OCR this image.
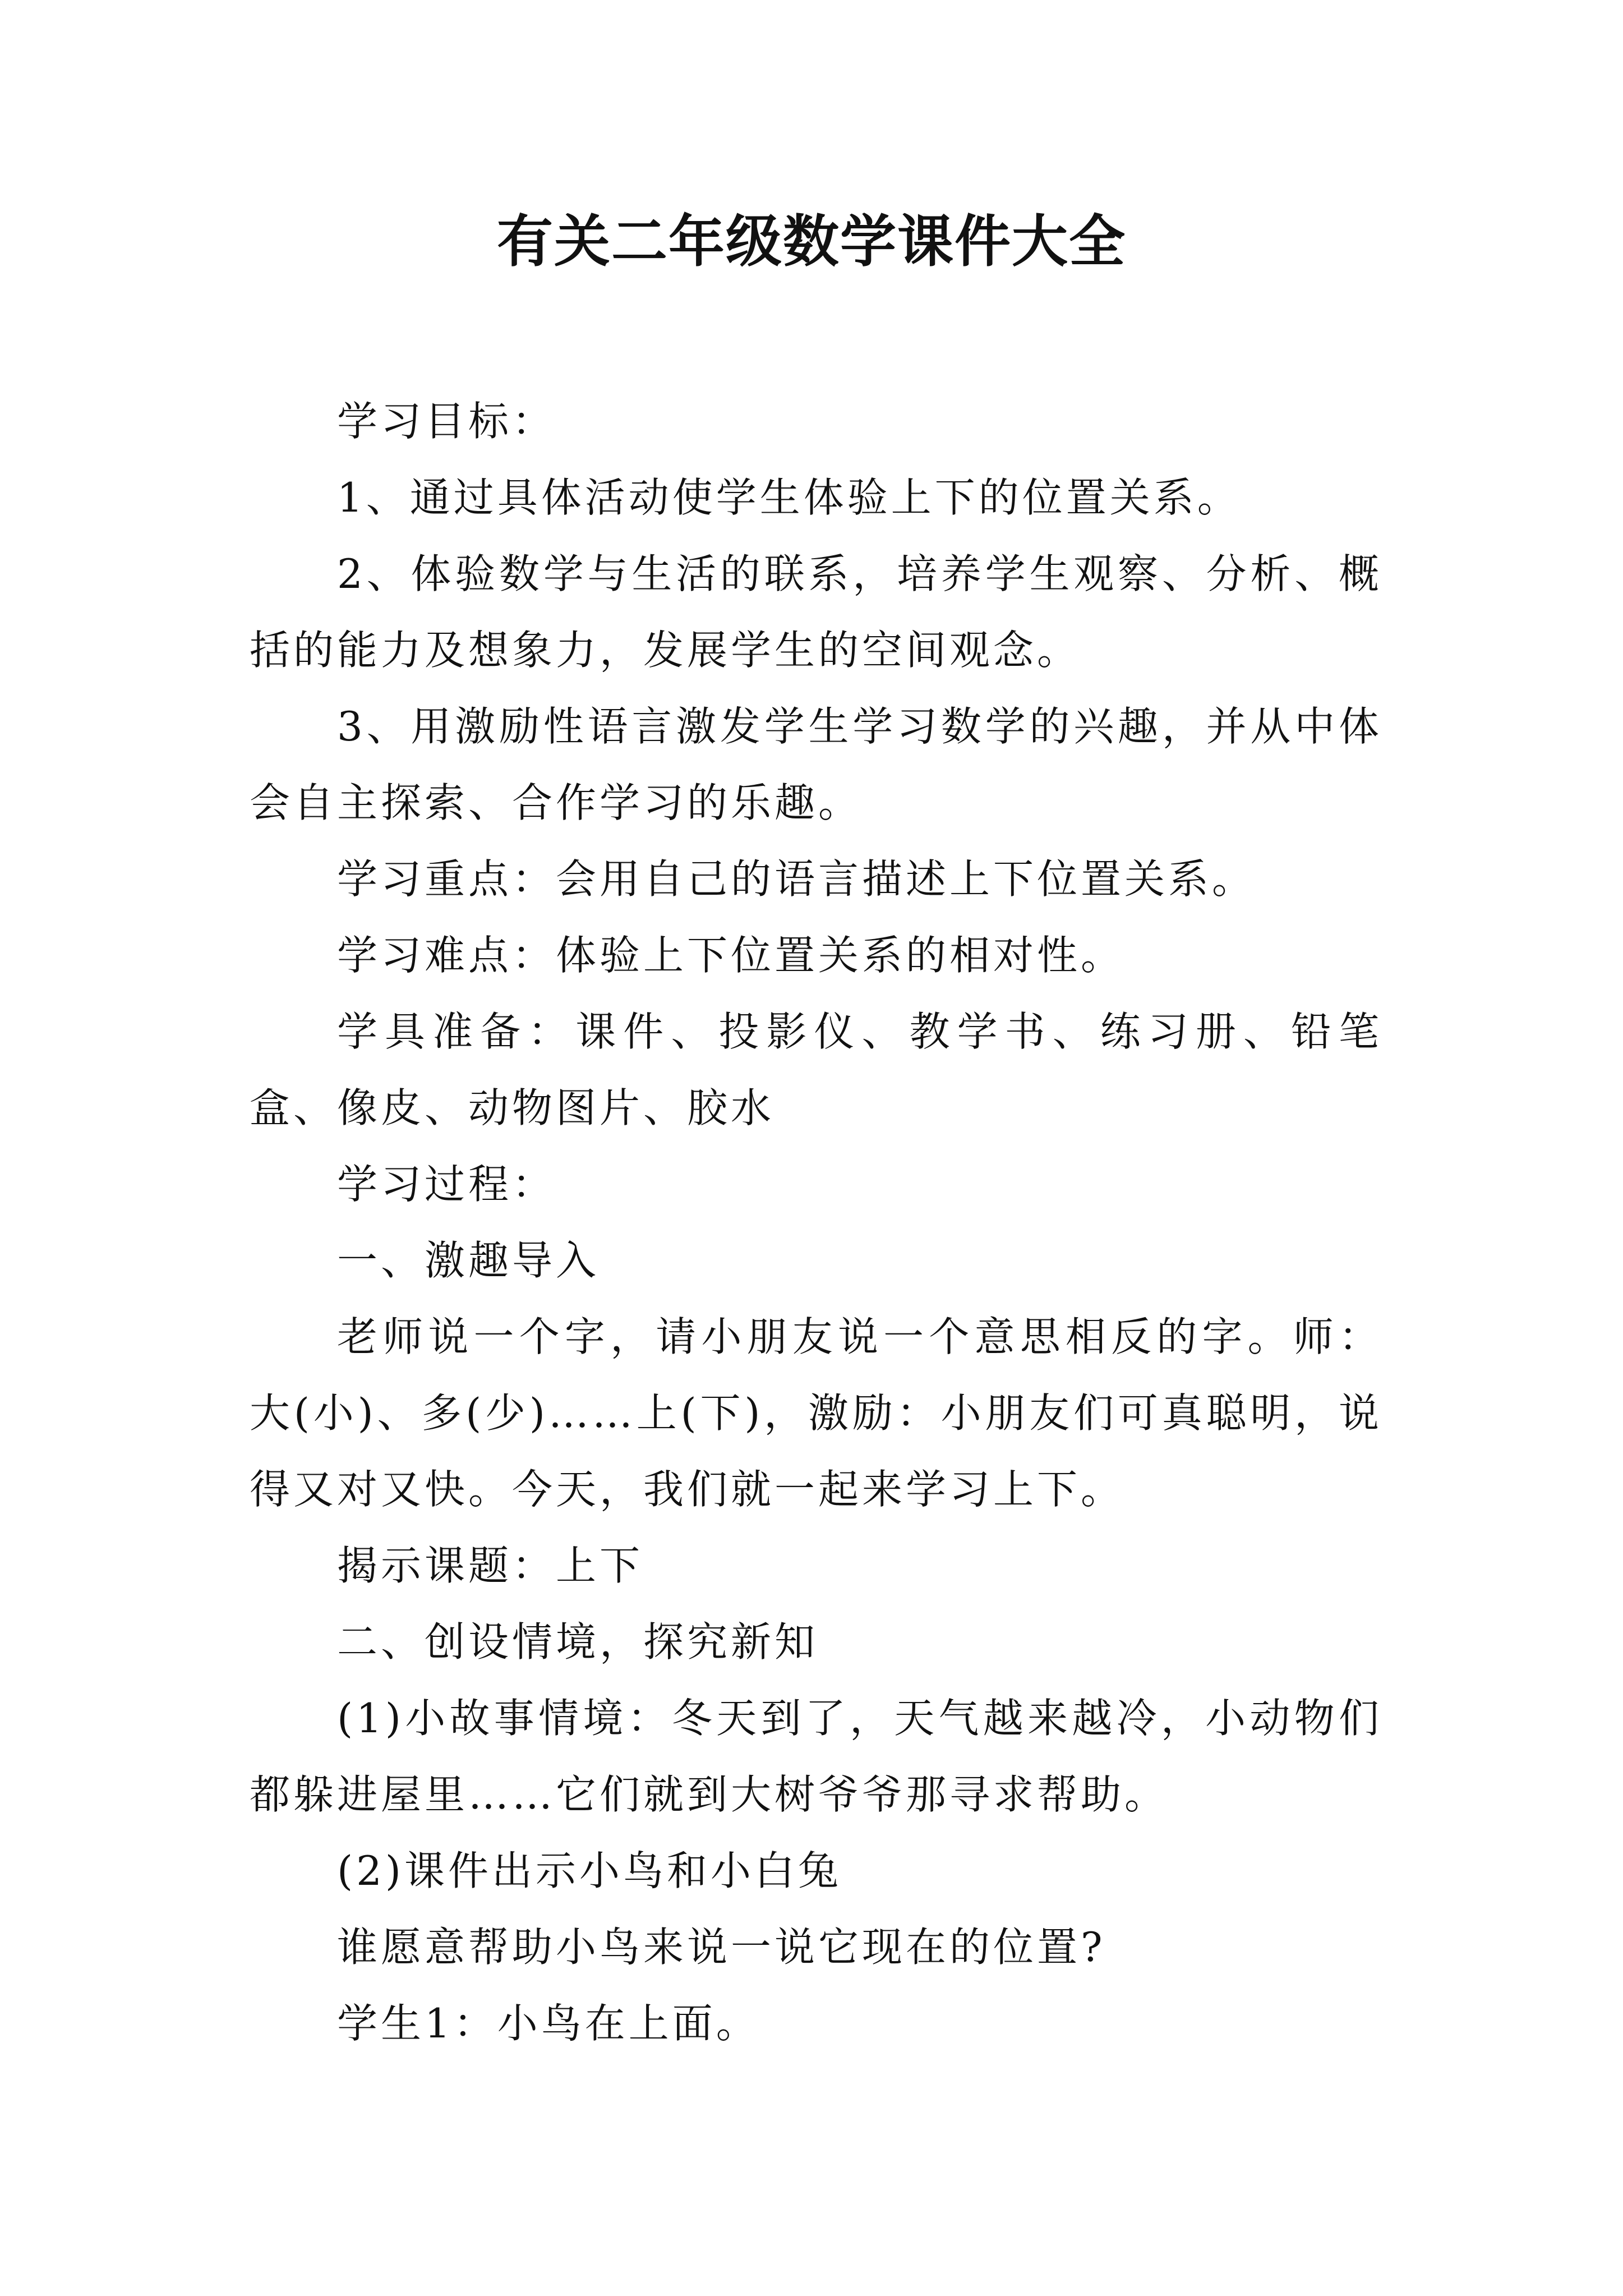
有关二年级数学课件大全

学习目标：

1、通过具体活动使学生体验上下的位置关系。

2、体验数学与生活的联系，培养学生观察、分析、概括的能力及想象力，发展学生的空间观念。

3、用激励性语言激发学生学习数学的兴趣，并从中体会自主探索、合作学习的乐趣。

学习重点：会用自己的语言描述上下位置关系。

学习难点：体验上下位置关系的相对性。

学具准备：课件、投影仪、教学书、练习册、铅笔盒、像皮、动物图片、胶水

学习过程：

一、激趣导入

老师说一个字，请小朋友说一个意思相反的字。师：大(小)、多(少)……上(下)，激励：小朋友们可真聪明，说得又对又快。今天，我们就一起来学习上下。

揭示课题：上下

二、创设情境，探究新知

(1)小故事情境：冬天到了，天气越来越冷，小动物们都躲进屋里……它们就到大树爷爷那寻求帮助。

(2)课件出示小鸟和小白兔

谁愿意帮助小鸟来说一说它现在的位置?

学生1：小鸟在上面。
